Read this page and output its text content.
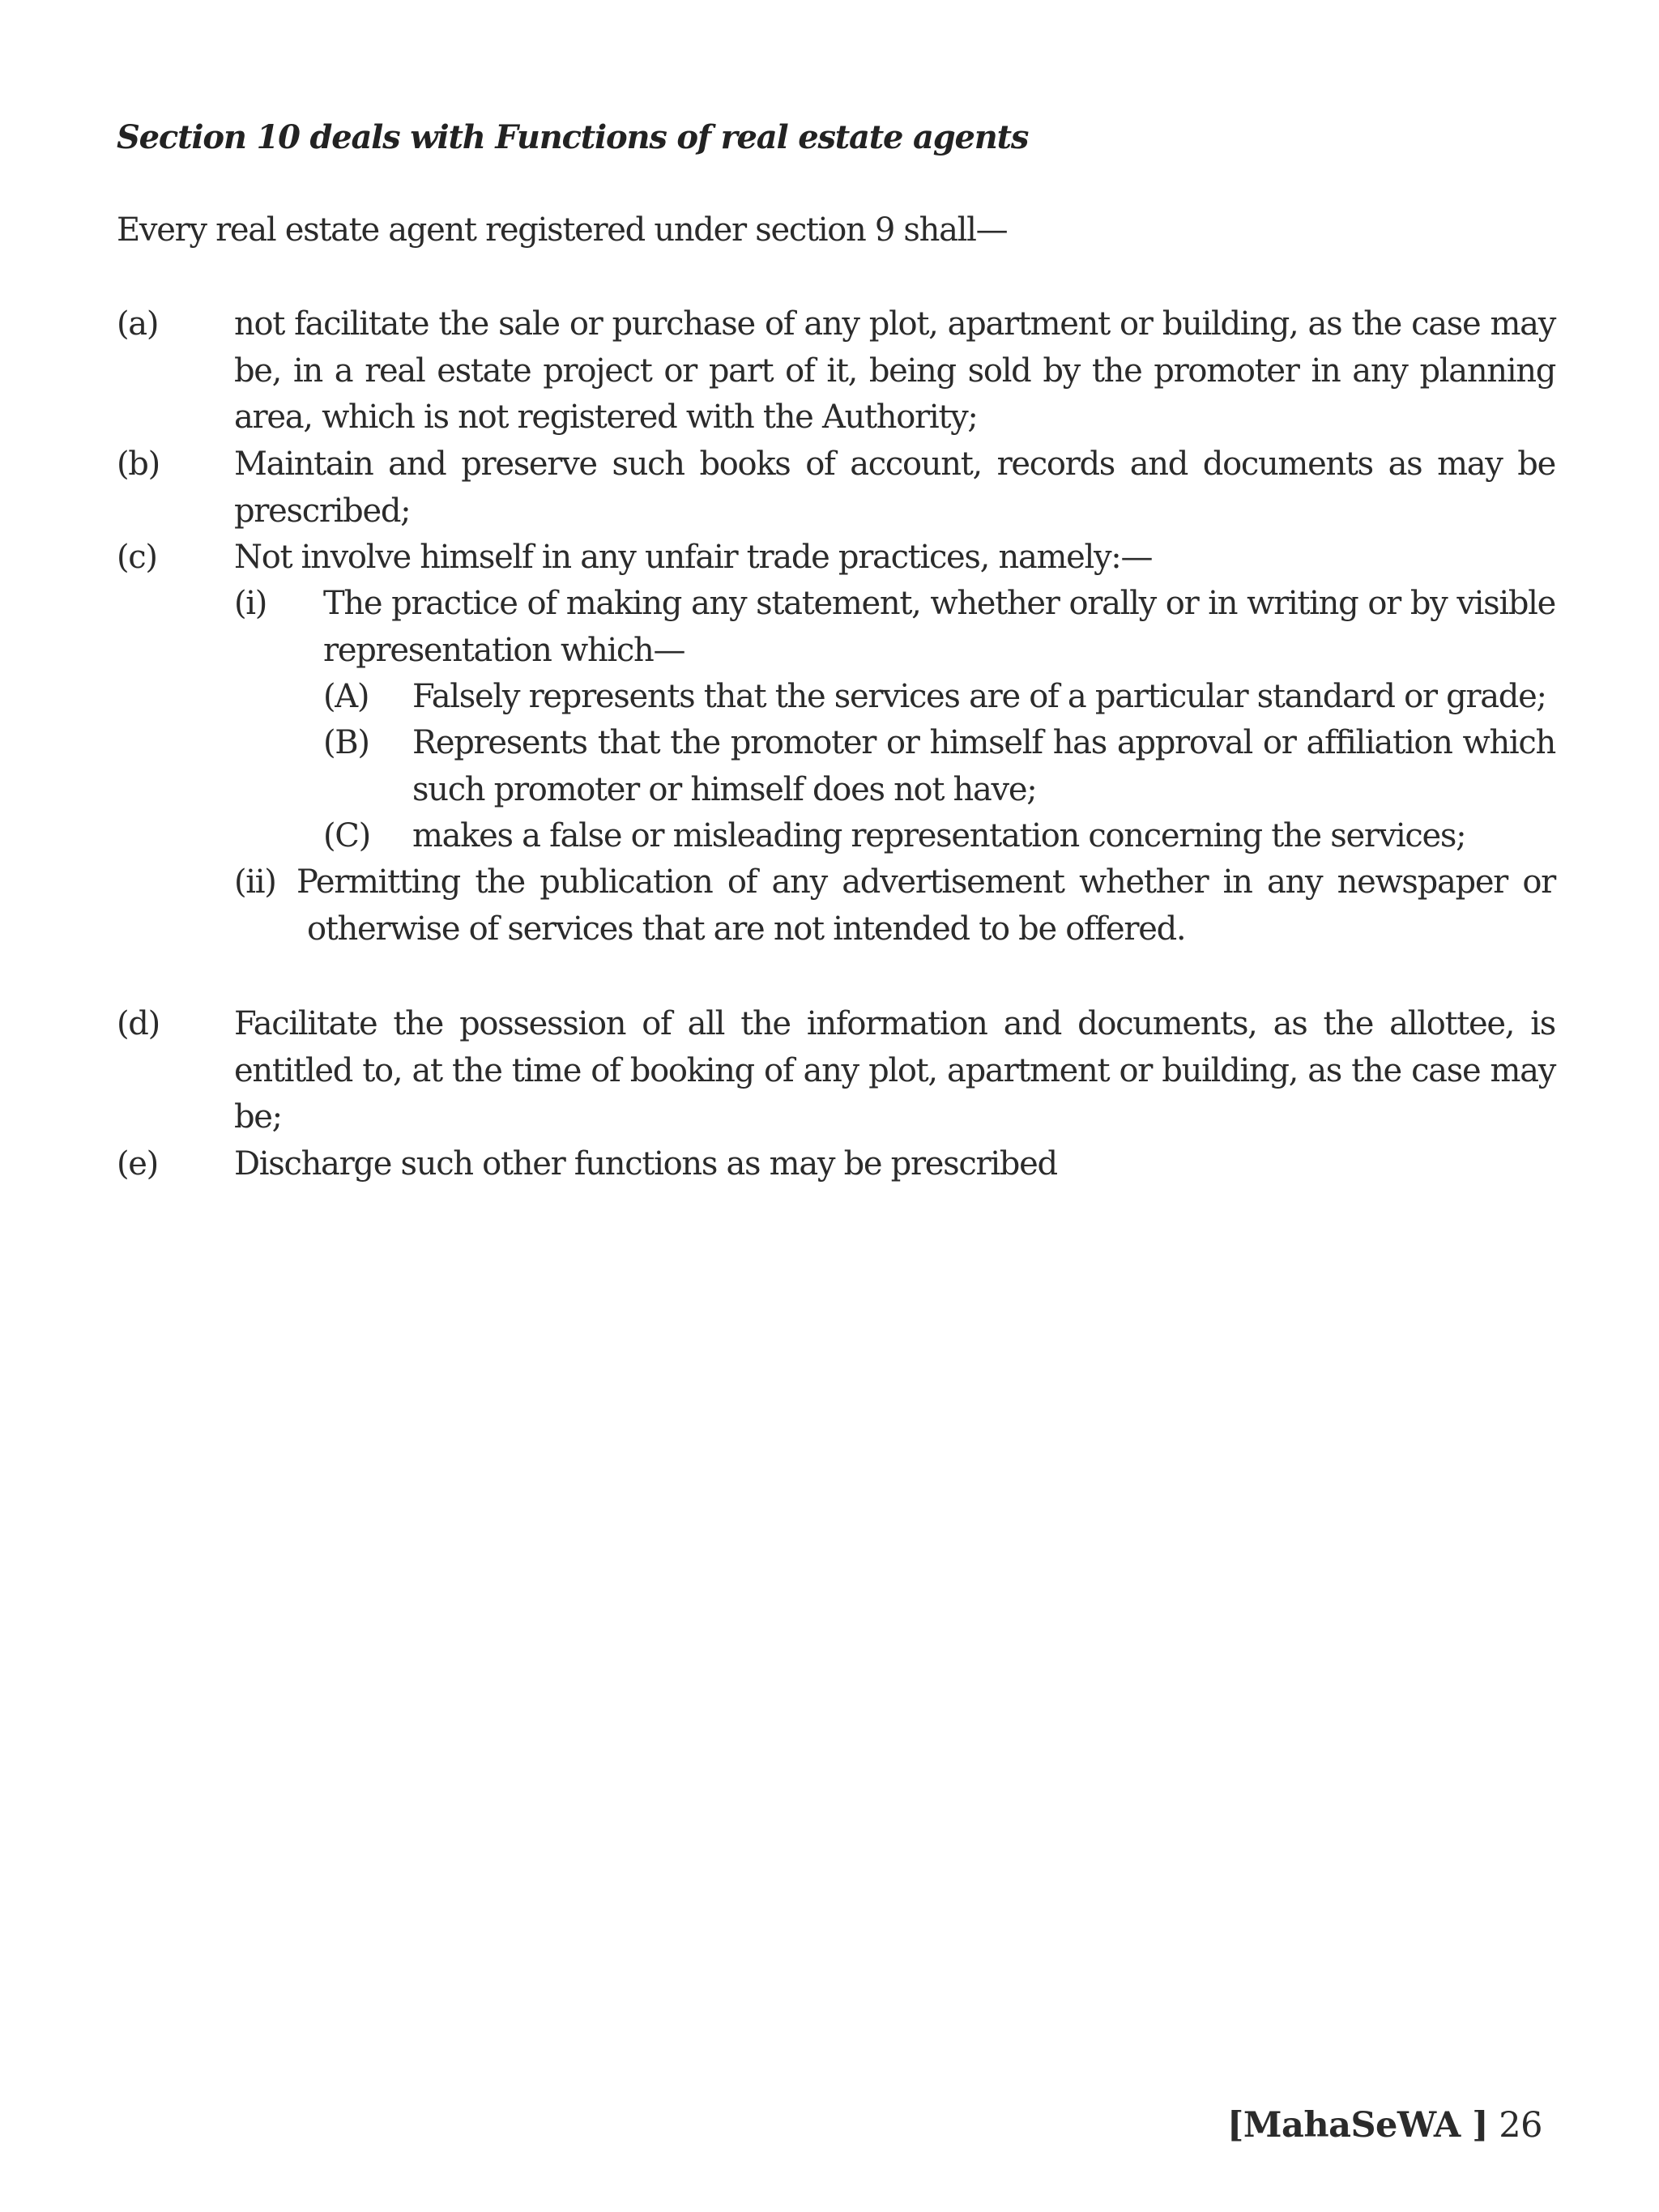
Section 10 deals with Functions of real estate agents
Every real estate agent registered under section 9 shall—
(a) not facilitate the sale or purchase of any plot, apartment or building, as the case may be, in a real estate project or part of it, being sold by the promoter in any planning area, which is not registered with the Authority;
(b) Maintain and preserve such books of account, records and documents as may be prescribed;
(c) Not involve himself in any unfair trade practices, namely:—
(i) The practice of making any statement, whether orally or in writing or by visible representation which—
(A) Falsely represents that the services are of a particular standard or grade;
(B) Represents that the promoter or himself has approval or affiliation which such promoter or himself does not have;
(C) makes a false or misleading representation concerning the services;
(ii) Permitting the publication of any advertisement whether in any newspaper or otherwise of services that are not intended to be offered.
(d) Facilitate the possession of all the information and documents, as the allottee, is entitled to, at the time of booking of any plot, apartment or building, as the case may be;
(e) Discharge such other functions as may be prescribed
[MahaSeWA ] 26
